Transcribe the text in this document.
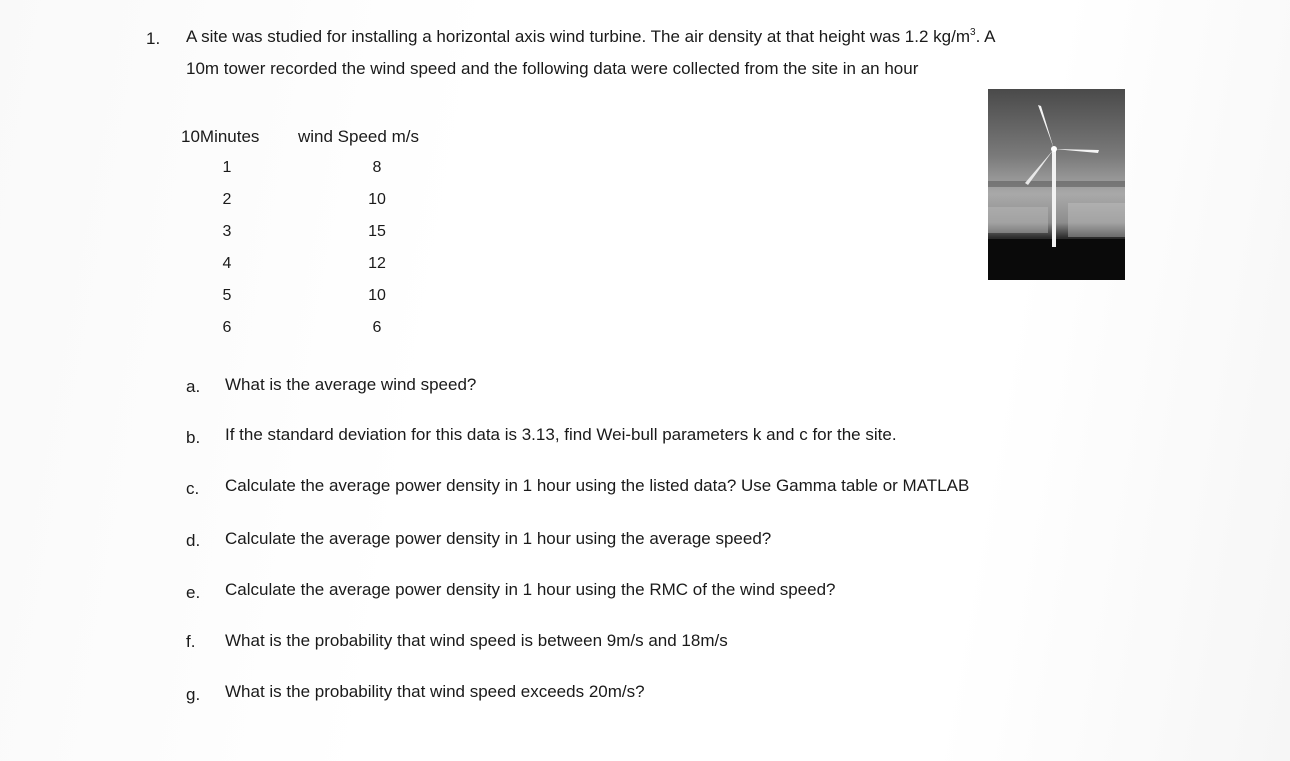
1. A site was studied for installing a horizontal axis wind turbine. The air density at that height was 1.2 $kg/m^3$. A
10m tower recorded the wind speed and the following data were collected from the site in an hour
10Minutes wind Speed m/s
1	8
2	10
3	15
4	12
5	10
6	6
a. What is the average wind speed?
b. If the standard deviation for this data is 3.13, find Wei-bull parameters k and c for the site.
c. Calculate the average power density in 1 hour using the listed data? Use Gamma table or MATLAB
d. Calculate the average power density in 1 hour using the average speed?
e. Calculate the average power density in 1 hour using the RMC of the wind speed?
f. What is the probability that wind speed is between 9m/s and 18m/s
g. What is the probability that wind speed exceeds 20m/s?
